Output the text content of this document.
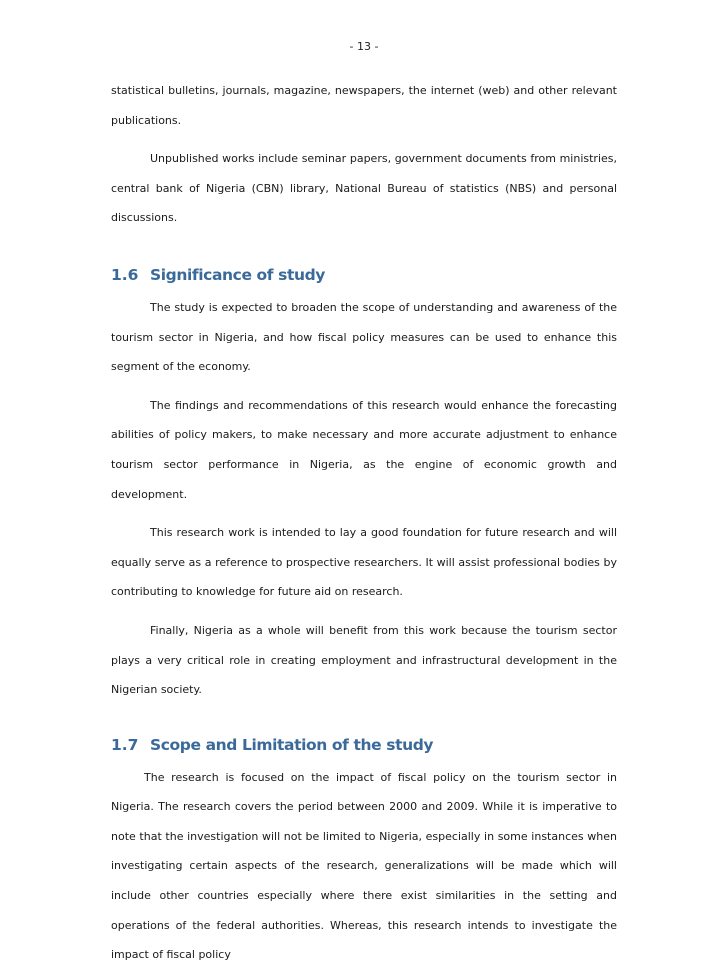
- 13 -

statistical bulletins, journals, magazine, newspapers, the internet (web) and other relevant publications.

Unpublished works include seminar papers, government documents from ministries, central bank of Nigeria (CBN) library, National Bureau of statistics (NBS) and personal discussions.

1.6 Significance of study

The study is expected to broaden the scope of understanding and awareness of the tourism sector in Nigeria, and how fiscal policy measures can be used to enhance this segment of the economy.

The findings and recommendations of this research would enhance the forecasting abilities of policy makers, to make necessary and more accurate adjustment to enhance tourism sector performance in Nigeria, as the engine of economic growth and development.

This research work is intended to lay a good foundation for future research and will equally serve as a reference to prospective researchers. It will assist professional bodies by contributing to knowledge for future aid on research.

Finally, Nigeria as a whole will benefit from this work because the tourism sector plays a very critical role in creating employment and infrastructural development in the Nigerian society.

1.7 Scope and Limitation of the study

The research is focused on the impact of fiscal policy on the tourism sector in Nigeria. The research covers the period between 2000 and 2009. While it is imperative to note that the investigation will not be limited to Nigeria, especially in some instances when investigating certain aspects of the research, generalizations will be made which will include other countries especially where there exist similarities in the setting and operations of the federal authorities. Whereas, this research intends to investigate the impact of fiscal policy
